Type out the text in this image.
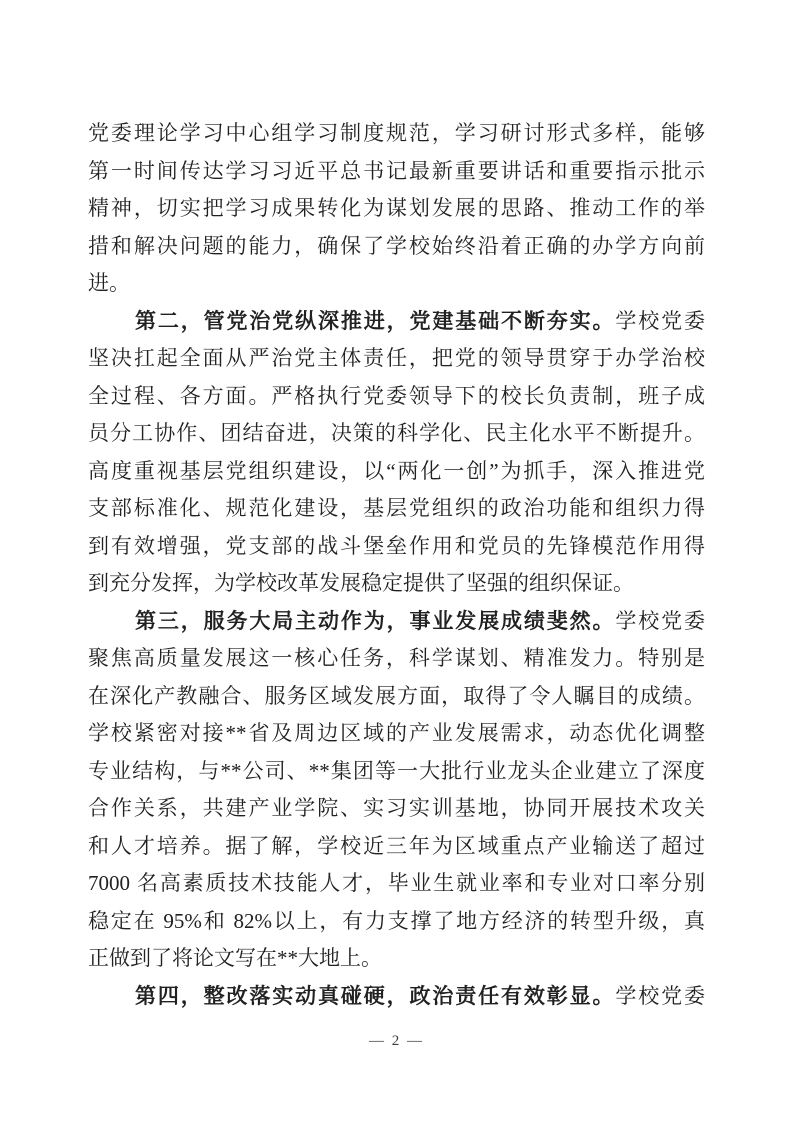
党委理论学习中心组学习制度规范，学习研讨形式多样，能够
第一时间传达学习习近平总书记最新重要讲话和重要指示批示
精神，切实把学习成果转化为谋划发展的思路、推动工作的举
措和解决问题的能力，确保了学校始终沿着正确的办学方向前
进。
第二，管党治党纵深推进，党建基础不断夯实。学校党委
坚决扛起全面从严治党主体责任，把党的领导贯穿于办学治校
全过程、各方面。严格执行党委领导下的校长负责制，班子成
员分工协作、团结奋进，决策的科学化、民主化水平不断提升。
高度重视基层党组织建设，以“两化一创”为抓手，深入推进党
支部标准化、规范化建设，基层党组织的政治功能和组织力得
到有效增强，党支部的战斗堡垒作用和党员的先锋模范作用得
到充分发挥，为学校改革发展稳定提供了坚强的组织保证。
第三，服务大局主动作为，事业发展成绩斐然。学校党委
聚焦高质量发展这一核心任务，科学谋划、精准发力。特别是
在深化产教融合、服务区域发展方面，取得了令人瞩目的成绩。
学校紧密对接**省及周边区域的产业发展需求，动态优化调整
专业结构，与**公司、**集团等一大批行业龙头企业建立了深度
合作关系，共建产业学院、实习实训基地，协同开展技术攻关
和人才培养。据了解，学校近三年为区域重点产业输送了超过
7000 名高素质技术技能人才，毕业生就业率和专业对口率分别
稳定在 95%和 82%以上，有力支撑了地方经济的转型升级，真
正做到了将论文写在**大地上。
第四，整改落实动真碰硬，政治责任有效彰显。学校党委
— 2 —
